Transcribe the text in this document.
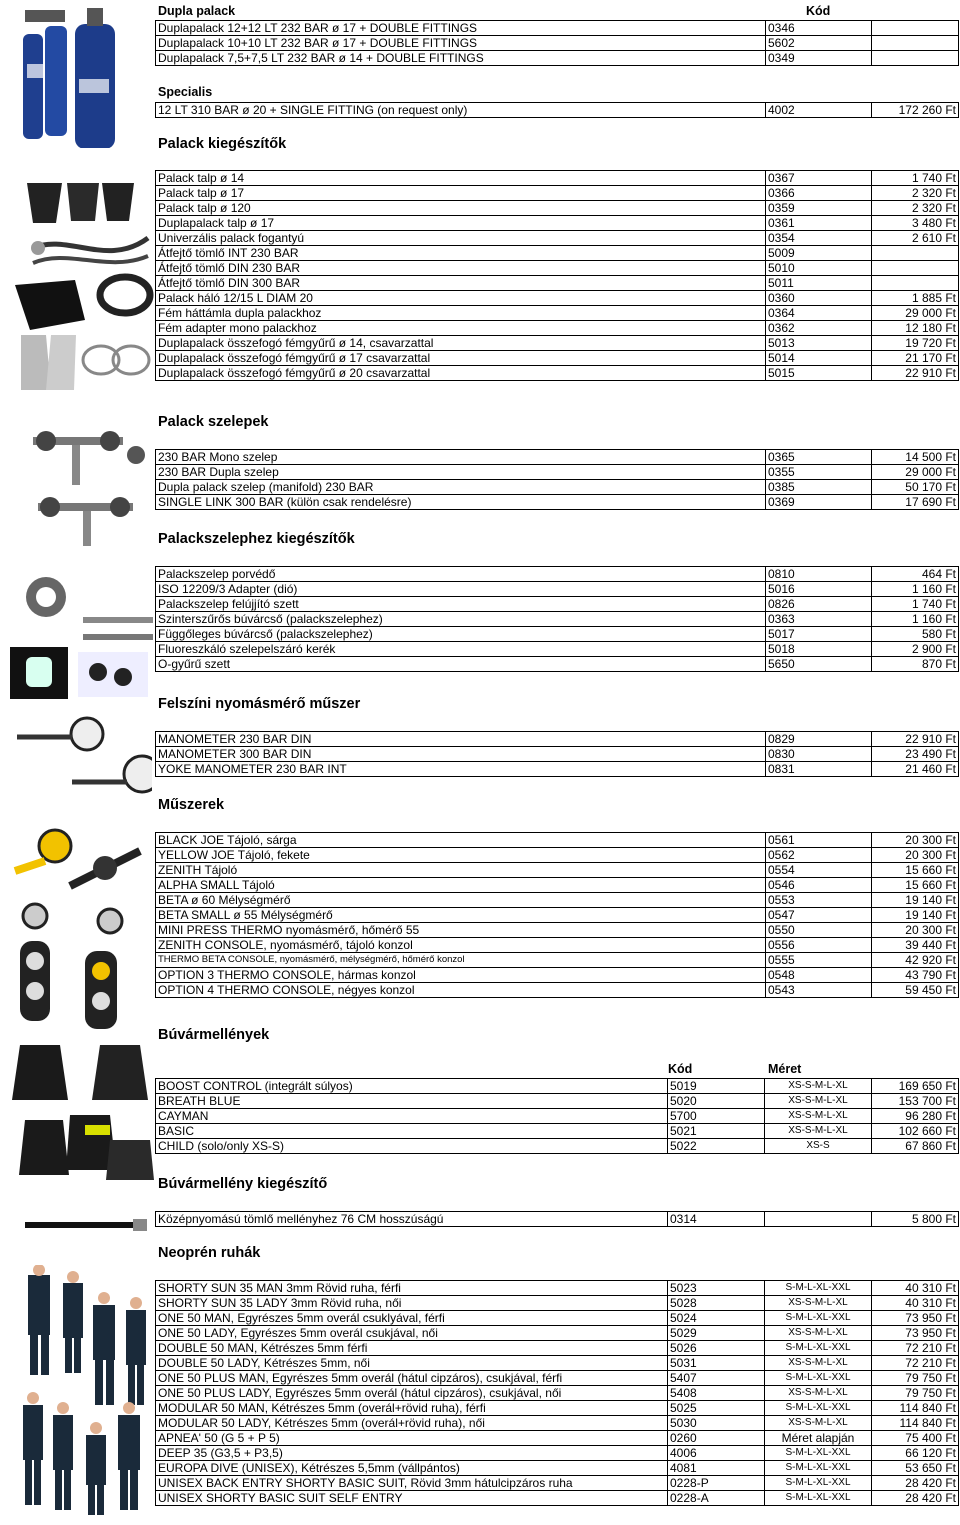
Dupla palack	Kód
Duplapalack 12+12 LT 232 BAR ø 17 + DOUBLE FITTINGS	0346	
Duplapalack 10+10 LT 232 BAR ø 17 + DOUBLE FITTINGS	5602	
Duplapalack 7,5+7,5 LT 232 BAR ø 14 + DOUBLE FITTINGS	0349	
Specialis
12 LT 310 BAR ø 20 + SINGLE FITTING (on request only)	4002	172 260 Ft
Palack kiegészítők
Palack talp ø 14	0367	1 740 Ft
Palack talp ø 17	0366	2 320 Ft
Palack talp ø 120	0359	2 320 Ft
Duplapalack talp ø 17	0361	3 480 Ft
Univerzális palack fogantyú	0354	2 610 Ft
Átfejtő tömlő INT 230 BAR	5009	
Átfejtő tömlő DIN 230 BAR	5010	
Átfejtő tömlő DIN 300 BAR	5011	
Palack háló 12/15 L DIAM 20	0360	1 885 Ft
Fém háttámla dupla palackhoz	0364	29 000 Ft
Fém adapter mono palackhoz	0362	12 180 Ft
Duplapalack összefogó fémgyűrű ø 14, csavarzattal	5013	19 720 Ft
Duplapalack összefogó fémgyűrű ø 17 csavarzattal	5014	21 170 Ft
Duplapalack összefogó fémgyűrű ø 20 csavarzattal	5015	22 910 Ft
Palack szelepek
230 BAR Mono szelep	0365	14 500 Ft
230 BAR Dupla szelep	0355	29 000 Ft
Dupla palack szelep (manifold) 230 BAR	0385	50 170 Ft
SINGLE LINK 300 BAR (külön csak rendelésre)	0369	17 690 Ft
Palackszelephez kiegészítők
Palackszelep porvédő	0810	464 Ft
ISO 12209/3 Adapter (dió)	5016	1 160 Ft
Palackszelep felújjító szett	0826	1 740 Ft
Szinterszűrős búvárcső (palackszelephez)	0363	1 160 Ft
Függőleges búvárcső (palackszelephez)	5017	580 Ft
Fluoreszkáló szelepelszáró kerék	5018	2 900 Ft
O-gyűrű szett	5650	870 Ft
Felszíni nyomásmérő műszer
MANOMETER 230 BAR DIN	0829	22 910 Ft
MANOMETER 300 BAR DIN	0830	23 490 Ft
YOKE MANOMETER 230 BAR INT	0831	21 460 Ft
Műszerek
BLACK JOE Tájoló, sárga	0561	20 300 Ft
YELLOW JOE Tájoló, fekete	0562	20 300 Ft
ZENITH Tájoló	0554	15 660 Ft
ALPHA SMALL Tájoló	0546	15 660 Ft
BETA ø 60 Mélységmérő	0553	19 140 Ft
BETA SMALL ø 55 Mélységmérő	0547	19 140 Ft
MINI PRESS THERMO nyomásmérő, hőmérő 55	0550	20 300 Ft
ZENITH CONSOLE, nyomásmérő, tájoló konzol	0556	39 440 Ft
THERMO BETA CONSOLE, nyomásmérő, mélységmérő, hőmérő konzol	0555	42 920 Ft
OPTION 3 THERMO CONSOLE, hármas konzol	0548	43 790 Ft
OPTION 4 THERMO CONSOLE, négyes konzol	0543	59 450 Ft
Búvármellények
Kód	Méret
BOOST CONTROL (integrált súlyos)	5019	XS-S-M-L-XL	169 650 Ft
BREATH BLUE	5020	XS-S-M-L-XL	153 700 Ft
CAYMAN	5700	XS-S-M-L-XL	96 280 Ft
BASIC	5021	XS-S-M-L-XL	102 660 Ft
CHILD (solo/only XS-S)	5022	XS-S	67 860 Ft
Búvármellény kiegészítő
Középnyomású tömlő mellényhez 76 CM hosszúságú	0314		5 800 Ft
Neoprén ruhák
SHORTY SUN 35 MAN 3mm Rövid ruha, férfi	5023	S-M-L-XL-XXL	40 310 Ft
SHORTY SUN 35 LADY 3mm Rövid ruha, női	5028	XS-S-M-L-XL	40 310 Ft
ONE 50 MAN, Egyrészes 5mm overál csuklyával, férfi	5024	S-M-L-XL-XXL	73 950 Ft
ONE 50 LADY, Egyrészes 5mm overál csukjával, női	5029	XS-S-M-L-XL	73 950 Ft
DOUBLE 50 MAN, Kétrészes 5mm férfi	5026	S-M-L-XL-XXL	72 210 Ft
DOUBLE 50 LADY, Kétrészes 5mm, női	5031	XS-S-M-L-XL	72 210 Ft
ONE 50 PLUS MAN, Egyrészes 5mm overál (hátul cipzáros), csukjával, férfi	5407	S-M-L-XL-XXL	79 750 Ft
ONE 50 PLUS LADY, Egyrészes 5mm overál (hátul cipzáros), csukjával, női	5408	XS-S-M-L-XL	79 750 Ft
MODULAR 50 MAN, Kétrészes 5mm (overál+rövid ruha), férfi	5025	S-M-L-XL-XXL	114 840 Ft
MODULAR 50 LADY, Kétrészes 5mm (overál+rövid ruha), női	5030	XS-S-M-L-XL	114 840 Ft
APNEA' 50 (G 5 + P 5)	0260	Méret alapján	75 400 Ft
DEEP 35 (G3,5 + P3,5)	4006	S-M-L-XL-XXL	66 120 Ft
EUROPA DIVE (UNISEX), Kétrészes 5,5mm (vállpántos)	4081	S-M-L-XL-XXL	53 650 Ft
UNISEX BACK ENTRY SHORTY BASIC SUIT, Rövid 3mm hátulcipzáros ruha	0228-P	S-M-L-XL-XXL	28 420 Ft
UNISEX SHORTY BASIC SUIT SELF ENTRY	0228-A	S-M-L-XL-XXL	28 420 Ft
